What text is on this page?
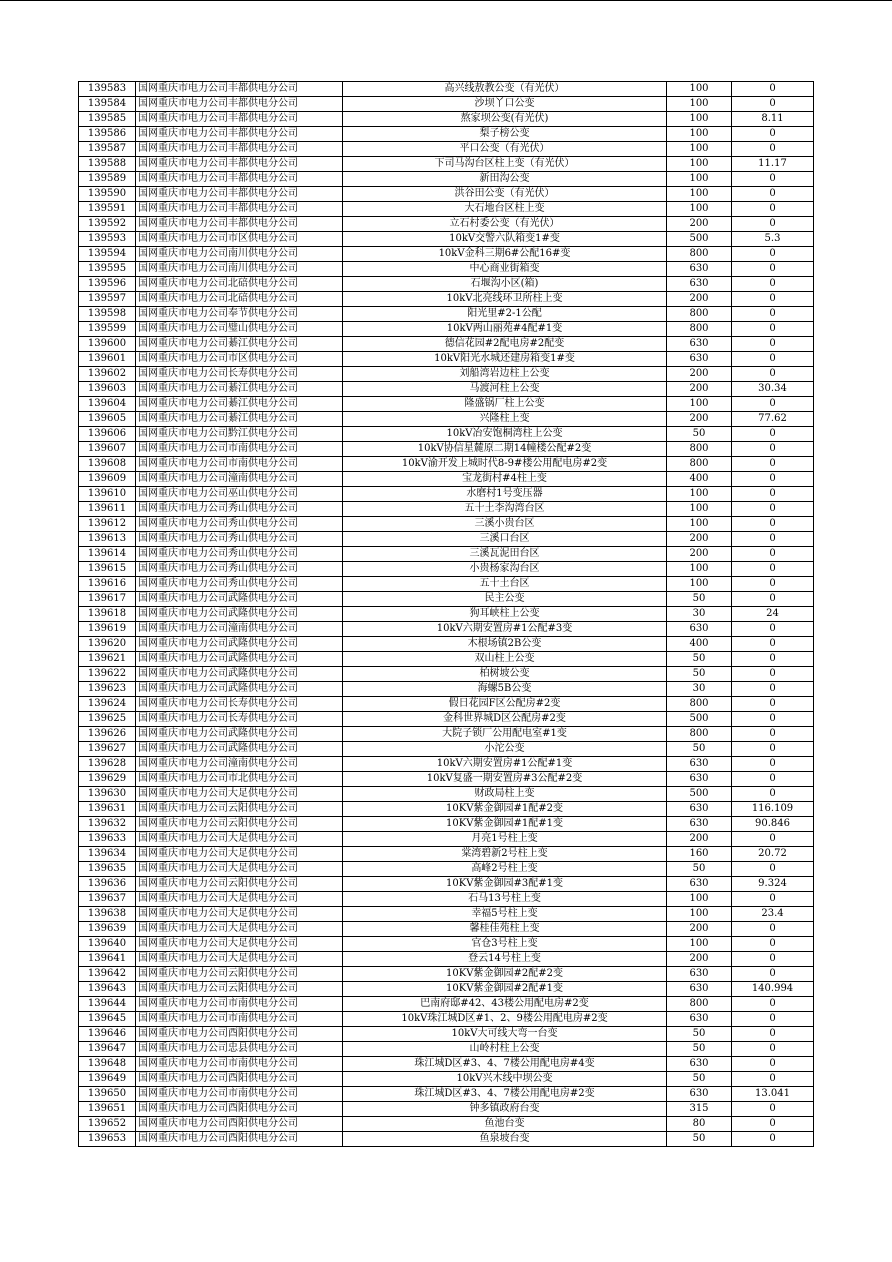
139583	国网重庆市电力公司丰都供电分公司	高兴线敖教公变（有光伏）	100	0
139584	国网重庆市电力公司丰都供电分公司	沙坝丫口公变	100	0
139585	国网重庆市电力公司丰都供电分公司	熬家坝公变(有光伏)	100	8.11
139586	国网重庆市电力公司丰都供电分公司	梨子榜公变	100	0
139587	国网重庆市电力公司丰都供电分公司	平口公变（有光伏）	100	0
139588	国网重庆市电力公司丰都供电分公司	下司马沟台区柱上变（有光伏）	100	11.17
139589	国网重庆市电力公司丰都供电分公司	新田沟公变	100	0
139590	国网重庆市电力公司丰都供电分公司	洪谷田公变（有光伏）	100	0
139591	国网重庆市电力公司丰都供电分公司	大石地台区柱上变	100	0
139592	国网重庆市电力公司丰都供电分公司	立石村委公变（有光伏）	200	0
139593	国网重庆市电力公司市区供电分公司	10kV交警六队箱变1#变	500	5.3
139594	国网重庆市电力公司南川供电分公司	10kV金科三期6#公配16#变	800	0
139595	国网重庆市电力公司南川供电分公司	中心商业街箱变	630	0
139596	国网重庆市电力公司北碚供电分公司	石堰沟小区(箱)	630	0
139597	国网重庆市电力公司北碚供电分公司	10kV北亮线环卫所柱上变	200	0
139598	国网重庆市电力公司奉节供电分公司	阳光里#2-1公配	800	0
139599	国网重庆市电力公司璧山供电分公司	10kV两山丽苑#4配#1变	800	0
139600	国网重庆市电力公司綦江供电分公司	德信花园#2配电房#2配变	630	0
139601	国网重庆市电力公司市区供电分公司	10kV阳光水城还建房箱变1#变	630	0
139602	国网重庆市电力公司长寿供电分公司	刘船湾岩边柱上公变	200	0
139603	国网重庆市电力公司綦江供电分公司	马渡河柱上公变	200	30.34
139604	国网重庆市电力公司綦江供电分公司	隆盛锅厂柱上公变	100	0
139605	国网重庆市电力公司綦江供电分公司	兴隆柱上变	200	77.62
139606	国网重庆市电力公司黔江供电分公司	10kV冶安饱桐湾柱上公变	50	0
139607	国网重庆市电力公司市南供电分公司	10kV协信星麓原二期14幢楼公配#2变	800	0
139608	国网重庆市电力公司市南供电分公司	10kV渝开发上城时代8-9#楼公用配电房#2变	800	0
139609	国网重庆市电力公司潼南供电分公司	宝龙街村#4柱上变	400	0
139610	国网重庆市电力公司巫山供电分公司	水磨村1号变压器	100	0
139611	国网重庆市电力公司秀山供电分公司	五十土李沟湾台区	100	0
139612	国网重庆市电力公司秀山供电分公司	三溪小贵台区	100	0
139613	国网重庆市电力公司秀山供电分公司	三溪口台区	200	0
139614	国网重庆市电力公司秀山供电分公司	三溪瓦泥田台区	200	0
139615	国网重庆市电力公司秀山供电分公司	小贵杨家沟台区	100	0
139616	国网重庆市电力公司秀山供电分公司	五十土台区	100	0
139617	国网重庆市电力公司武隆供电分公司	民主公变	50	0
139618	国网重庆市电力公司武隆供电分公司	狗耳峡柱上公变	30	24
139619	国网重庆市电力公司潼南供电分公司	10kV六期安置房#1公配#3变	630	0
139620	国网重庆市电力公司武隆供电分公司	木根场镇2B公变	400	0
139621	国网重庆市电力公司武隆供电分公司	双山柱上公变	50	0
139622	国网重庆市电力公司武隆供电分公司	柏树坡公变	50	0
139623	国网重庆市电力公司武隆供电分公司	海螺5B公变	30	0
139624	国网重庆市电力公司长寿供电分公司	假日花园F区公配房#2变	800	0
139625	国网重庆市电力公司长寿供电分公司	金科世界城D区公配房#2变	500	0
139626	国网重庆市电力公司武隆供电分公司	大院子锁厂公用配电室#1变	800	0
139627	国网重庆市电力公司武隆供电分公司	小沱公变	50	0
139628	国网重庆市电力公司潼南供电分公司	10kV六期安置房#1公配#1变	630	0
139629	国网重庆市电力公司市北供电分公司	10kV复盛一期安置房#3公配#2变	630	0
139630	国网重庆市电力公司大足供电分公司	财政局柱上变	500	0
139631	国网重庆市电力公司云阳供电分公司	10KV紫金御园#1配#2变	630	116.109
139632	国网重庆市电力公司云阳供电分公司	10KV紫金御园#1配#1变	630	90.846
139633	国网重庆市电力公司大足供电分公司	月亮1号柱上变	200	0
139634	国网重庆市电力公司大足供电分公司	棠湾碧新2号柱上变	160	20.72
139635	国网重庆市电力公司大足供电分公司	高峰2号柱上变	50	0
139636	国网重庆市电力公司云阳供电分公司	10KV紫金御园#3配#1变	630	9.324
139637	国网重庆市电力公司大足供电分公司	石马13号柱上变	100	0
139638	国网重庆市电力公司大足供电分公司	幸福5号柱上变	100	23.4
139639	国网重庆市电力公司大足供电分公司	馨桂佳苑柱上变	200	0
139640	国网重庆市电力公司大足供电分公司	官仓3号柱上变	100	0
139641	国网重庆市电力公司大足供电分公司	登云14号柱上变	200	0
139642	国网重庆市电力公司云阳供电分公司	10KV紫金御园#2配#2变	630	0
139643	国网重庆市电力公司云阳供电分公司	10KV紫金御园#2配#1变	630	140.994
139644	国网重庆市电力公司市南供电分公司	巴南府邸#42、43楼公用配电房#2变	800	0
139645	国网重庆市电力公司市南供电分公司	10kV珠江城D区#1、2、9楼公用配电房#2变	630	0
139646	国网重庆市电力公司酉阳供电分公司	10kV大可线大弯一台变	50	0
139647	国网重庆市电力公司忠县供电分公司	山岭村柱上公变	50	0
139648	国网重庆市电力公司市南供电分公司	珠江城D区#3、4、7楼公用配电房#4变	630	0
139649	国网重庆市电力公司酉阳供电分公司	10kV兴木线中坝公变	50	0
139650	国网重庆市电力公司市南供电分公司	珠江城D区#3、4、7楼公用配电房#2变	630	13.041
139651	国网重庆市电力公司酉阳供电分公司	钟多镇政府台变	315	0
139652	国网重庆市电力公司酉阳供电分公司	鱼池台变	80	0
139653	国网重庆市电力公司酉阳供电分公司	鱼泉坡台变	50	0
